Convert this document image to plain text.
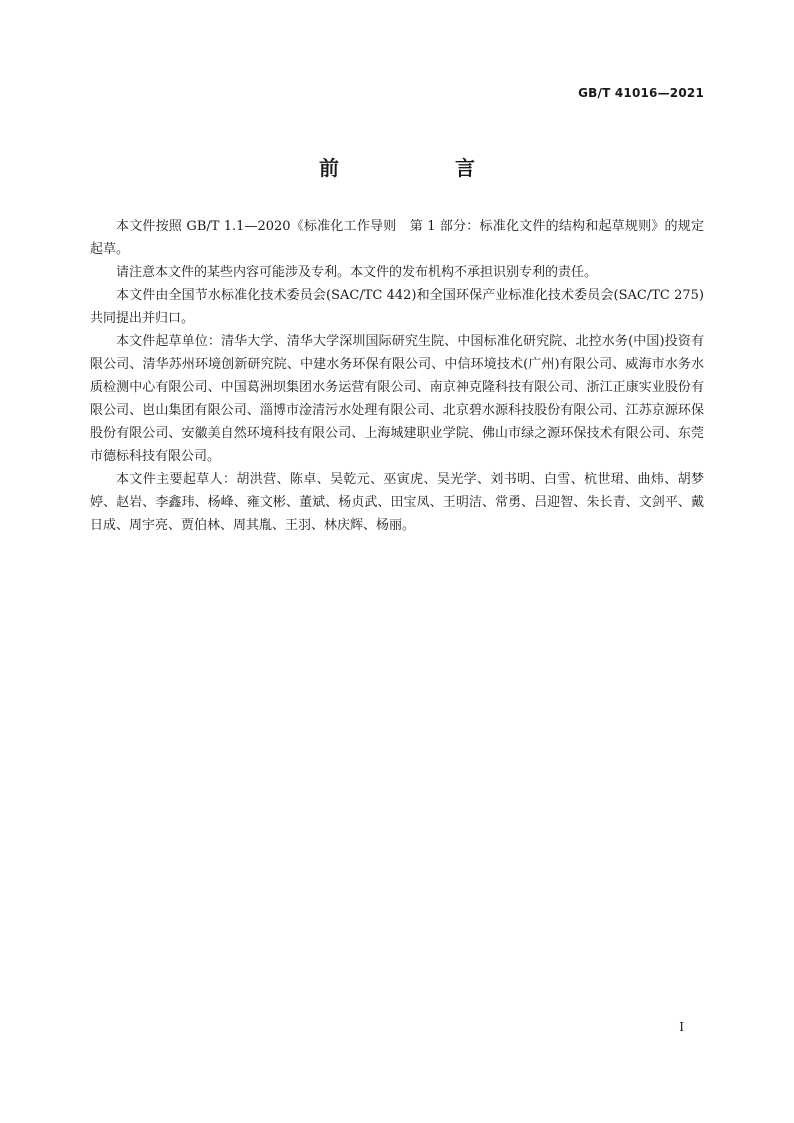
GB/T 41016—2021
前　言

本文件按照 GB/T 1.1—2020《标准化工作导则　第 1 部分：标准化文件的结构和起草规则》的规定起草。

请注意本文件的某些内容可能涉及专利。本文件的发布机构不承担识别专利的责任。

本文件由全国节水标准化技术委员会(SAC/TC 442)和全国环保产业标准化技术委员会(SAC/TC 275)共同提出并归口。

本文件起草单位：清华大学、清华大学深圳国际研究生院、中国标准化研究院、北控水务(中国)投资有限公司、清华苏州环境创新研究院、中建水务环保有限公司、中信环境技术(广州)有限公司、威海市水务水质检测中心有限公司、中国葛洲坝集团水务运营有限公司、南京神克隆科技有限公司、浙江正康实业股份有限公司、岜山集团有限公司、淄博市淦清污水处理有限公司、北京碧水源科技股份有限公司、江苏京源环保股份有限公司、安徽美自然环境科技有限公司、上海城建职业学院、佛山市绿之源环保技术有限公司、东莞市德标科技有限公司。

本文件主要起草人：胡洪营、陈卓、吴乾元、巫寅虎、吴光学、刘书明、白雪、杭世珺、曲炜、胡梦婷、赵岩、李鑫玮、杨峰、雍文彬、董斌、杨贞武、田宝凤、王明洁、常勇、吕迎智、朱长青、文剑平、戴日成、周宇亮、贾伯林、周其胤、王羽、林庆辉、杨丽。

I
